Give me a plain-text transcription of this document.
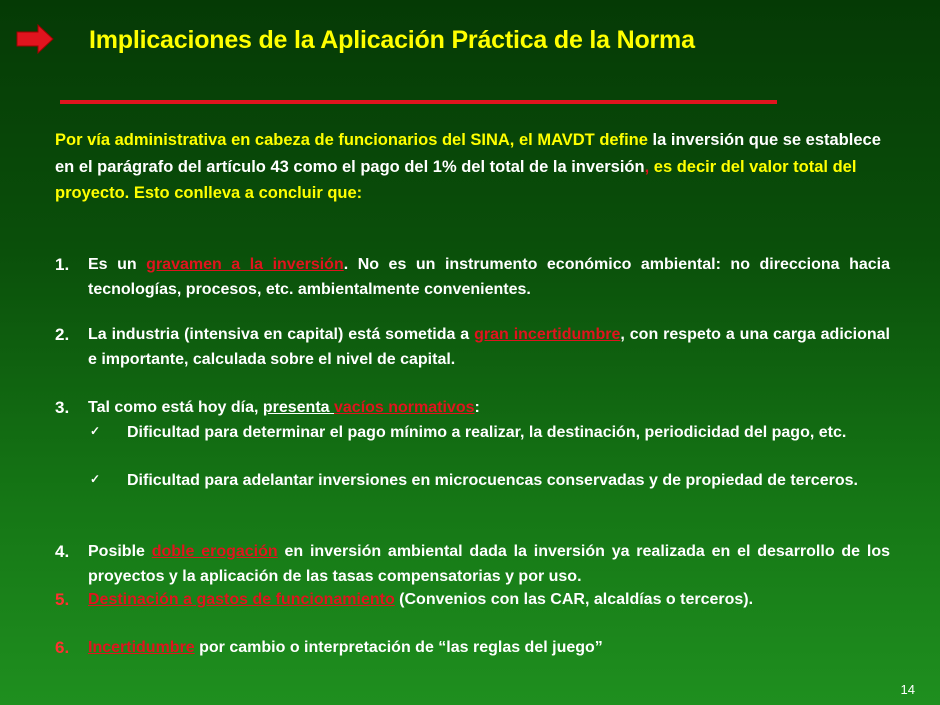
Implicaciones de la Aplicación Práctica de la Norma

Por vía administrativa en cabeza de funcionarios del SINA, el MAVDT define la inversión que se establece en el parágrafo del artículo 43 como el pago del 1% del total de la inversión, es decir del valor total del proyecto. Esto conlleva a concluir que:

1.	Es un gravamen a la inversión. No es un instrumento económico ambiental: no direcciona hacia tecnologías, procesos, etc. ambientalmente convenientes.
2.	La industria (intensiva en capital) está sometida a gran incertidumbre, con respeto a una carga adicional e importante, calculada sobre el nivel de capital.
3.	Tal como está hoy día, presenta vacíos normativos:
✓ Dificultad para determinar el pago mínimo a realizar, la destinación, periodicidad del pago, etc.
✓ Dificultad para adelantar inversiones en microcuencas conservadas y de propiedad de terceros.
4.	Posible doble erogación en inversión ambiental dada la inversión ya realizada en el desarrollo de los proyectos y la aplicación de las tasas compensatorias y por uso.
5.	Destinación a gastos de funcionamiento (Convenios con las CAR, alcaldías o terceros).
6.	Incertidumbre por cambio o interpretación de “las reglas del juego”
14
